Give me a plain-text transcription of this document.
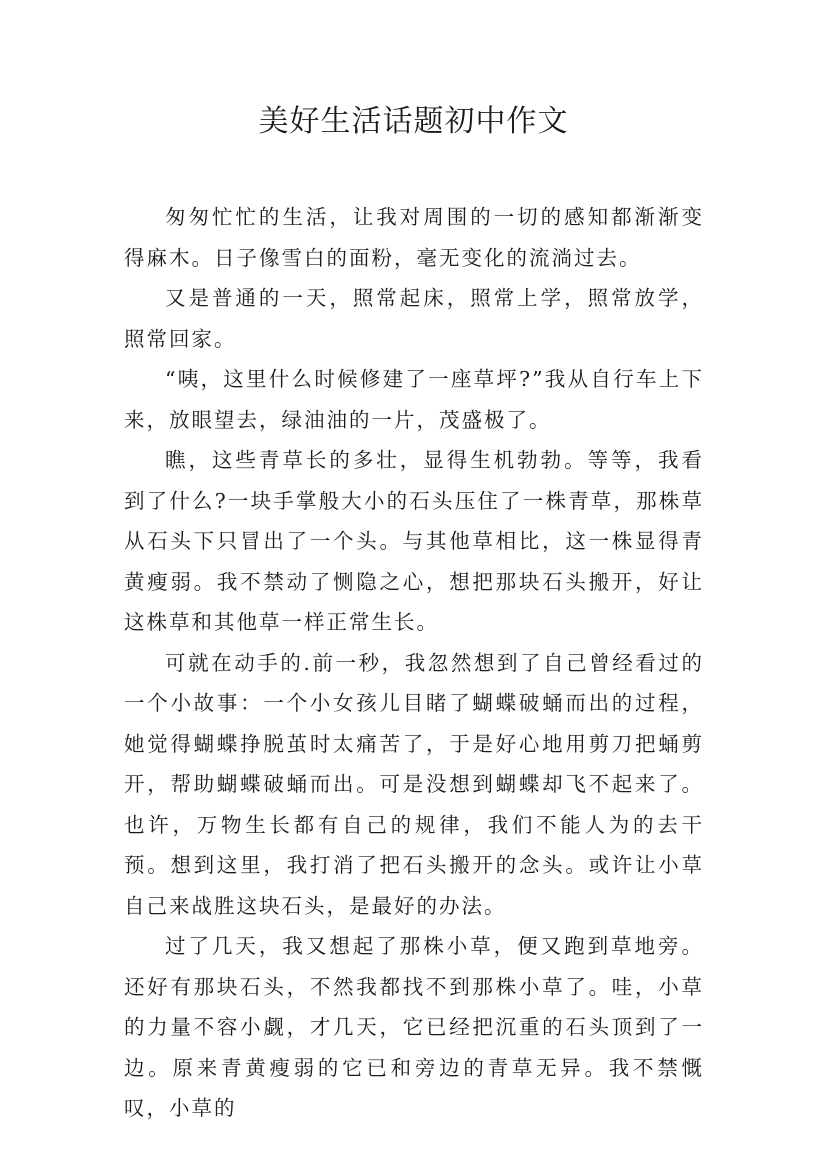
美好生活话题初中作文

匆匆忙忙的生活，让我对周围的一切的感知都渐渐变得麻木。日子像雪白的面粉，毫无变化的流淌过去。

又是普通的一天，照常起床，照常上学，照常放学，照常回家。

“咦，这里什么时候修建了一座草坪?”我从自行车上下来，放眼望去，绿油油的一片，茂盛极了。

瞧，这些青草长的多壮，显得生机勃勃。等等，我看到了什么?一块手掌般大小的石头压住了一株青草，那株草从石头下只冒出了一个头。与其他草相比，这一株显得青黄瘦弱。我不禁动了恻隐之心，想把那块石头搬开，好让这株草和其他草一样正常生长。

可就在动手的.前一秒，我忽然想到了自己曾经看过的一个小故事：一个小女孩儿目睹了蝴蝶破蛹而出的过程，她觉得蝴蝶挣脱茧时太痛苦了，于是好心地用剪刀把蛹剪开，帮助蝴蝶破蛹而出。可是没想到蝴蝶却飞不起来了。也许，万物生长都有自己的规律，我们不能人为的去干预。想到这里，我打消了把石头搬开的念头。或许让小草自己来战胜这块石头，是最好的办法。

过了几天，我又想起了那株小草，便又跑到草地旁。还好有那块石头，不然我都找不到那株小草了。哇，小草的力量不容小觑，才几天，它已经把沉重的石头顶到了一边。原来青黄瘦弱的它已和旁边的青草无异。我不禁慨叹，小草的
